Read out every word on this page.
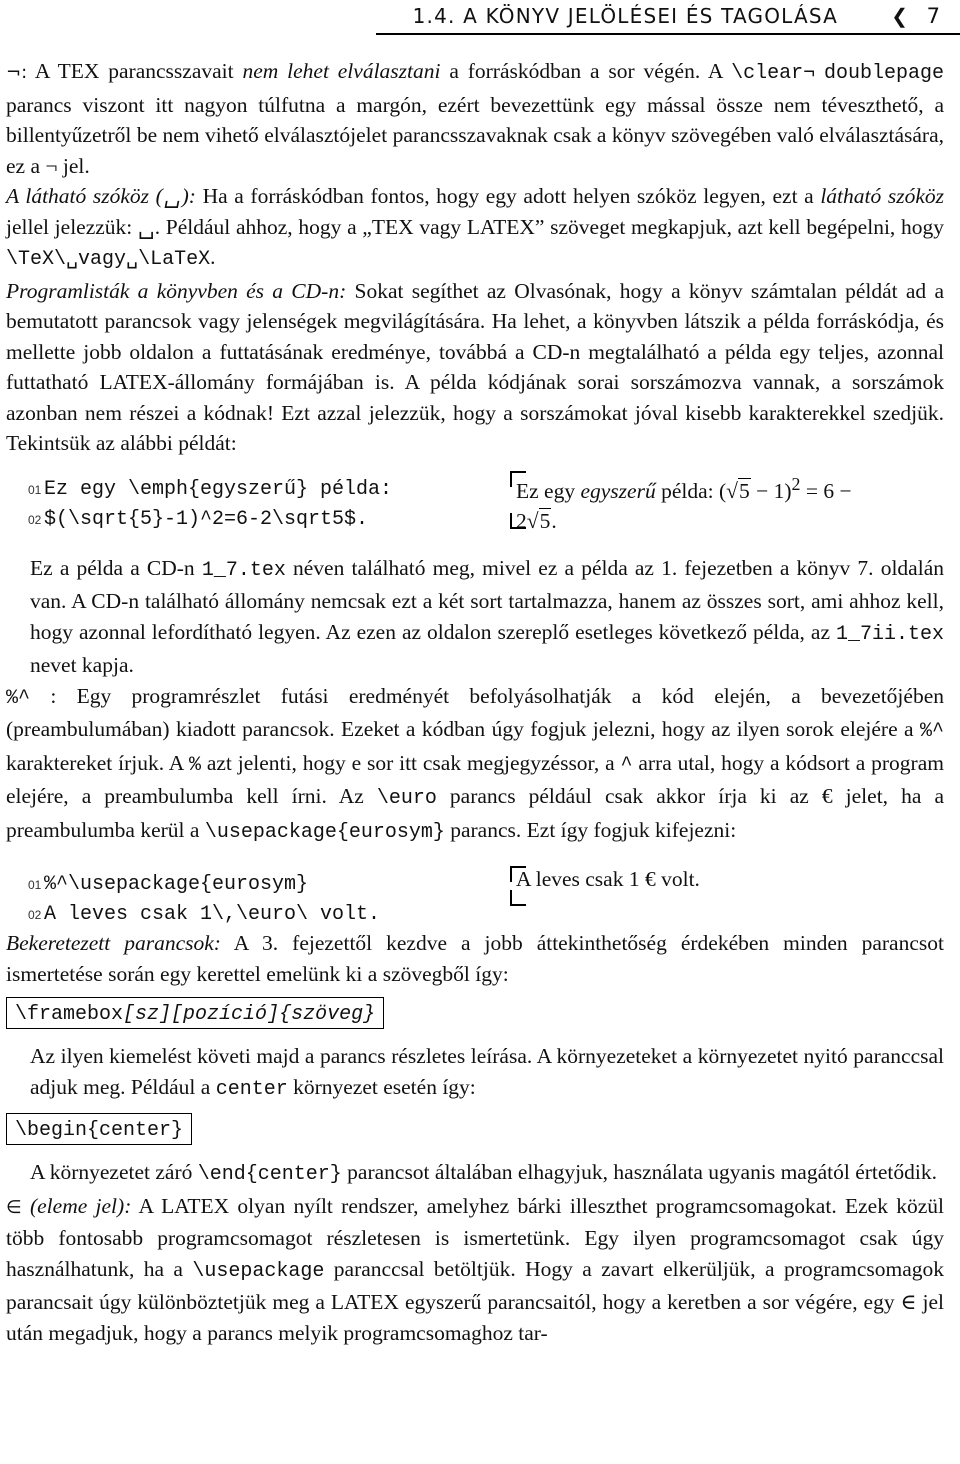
1.4. A KÖNYV JELÖLÉSEI ÉS TAGOLÁSA	❮ 7

¬: A TEX parancsszavait nem lehet elválasztani a forráskódban a sor végén. A \clear¬ doublepage parancs viszont itt nagyon túlfutna a margón, ezért bevezettünk egy mással össze nem téveszthető, a billentyűzetről be nem vihető elválasztójelet parancsszavaknak csak a könyv szövegében való elválasztására, ez a ¬ jel.

A látható szóköz (␣): Ha a forráskódban fontos, hogy egy adott helyen szóköz legyen, ezt a látható szóköz jellel jelezzük: ␣. Például ahhoz, hogy a „TEX vagy LATEX” szöveget megkapjuk, azt kell begépelni, hogy \TeX\␣vagy␣\LaTeX.

Programlisták a könyvben és a CD-n: Sokat segíthet az Olvasónak, hogy a könyv számtalan példát ad a bemutatott parancsok vagy jelenségek megvilágítására. Ha lehet, a könyvben látszik a példa forráskódja, és mellette jobb oldalon a futtatásának eredménye, továbbá a CD-n megtalálható a példa egy teljes, azonnal futtatható LATEX-állomány formájában is. A példa kódjának sorai sorszámozva vannak, a sorszámok azonban nem részei a kódnak! Ezt azzal jelezzük, hogy a sorszámokat jóval kisebb karakterekkel szedjük. Tekintsük az alábbi példát:

01 Ez egy \emph{egyszerű} példa:
02 $(\sqrt{5}-1)^2=6-2\sqrt5$.
Ez egy egyszerű példa: $(√5 - 1)^2 = 6$ −
2√5.

Ez a példa a CD-n 1_7.tex néven található meg, mivel ez a példa az 1. fejezetben a könyv 7. oldalán van. A CD-n található állomány nemcsak ezt a két sort tartalmazza, hanem az összes sort, ami ahhoz kell, hogy azonnal lefordítható legyen. Az ezen az oldalon szereplő esetleges következő példa, az 1_7ii.tex nevet kapja.

%^ : Egy programrészlet futási eredményét befolyásolhatják a kód elején, a bevezetőjében (preambulumában) kiadott parancsok. Ezeket a kódban úgy fogjuk jelezni, hogy az ilyen sorok elejére a %^ karaktereket írjuk. A % azt jelenti, hogy e sor itt csak megjegyzéssor, a ^ arra utal, hogy a kódsort a program elejére, a preambulumba kell írni. Az \euro parancs például csak akkor írja ki az € jelet, ha a preambulumba kerül a \usepackage{eurosym} parancs. Ezt így fogjuk kifejezni:

01 %^\usepackage{eurosym}
02 A leves csak 1\,\euro\ volt.
A leves csak 1 € volt.

Bekeretezett parancsok: A 3. fejezettől kezdve a jobb áttekinthetőség érdekében minden parancsot ismertetése során egy kerettel emelünk ki a szövegből így:

\framebox[sz][pozíció]{szöveg}

Az ilyen kiemelést követi majd a parancs részletes leírása. A környezeteket a környezetet nyitó paranccsal adjuk meg. Például a center környezet esetén így:

\begin{center}

A környezetet záró \end{center} parancsot általában elhagyjuk, használata ugyanis magától értetődik.

∈ (eleme jel): A LATEX olyan nyílt rendszer, amelyhez bárki illeszthet programcsomagokat. Ezek közül több fontosabb programcsomagot részletesen is ismertetünk. Egy ilyen programcsomagot csak úgy használhatunk, ha a \usepackage paranccsal betöltjük. Hogy a zavart elkerüljük, a programcsomagok parancsait úgy különböztetjük meg a LATEX egyszerű parancsaitól, hogy a keretben a sor végére, egy ∈ jel után megadjuk, hogy a parancs melyik programcsomaghoz tar-
